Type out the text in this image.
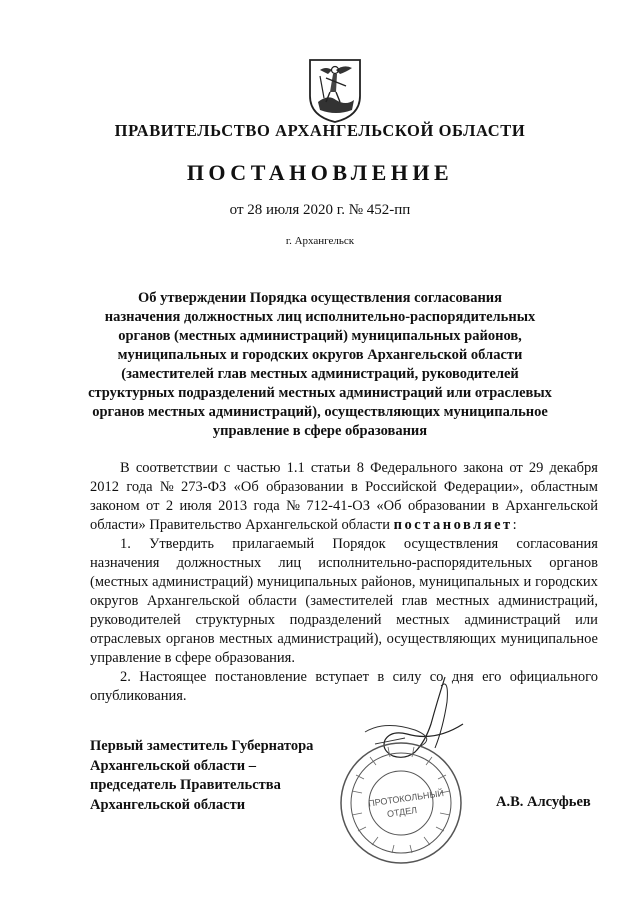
ПРАВИТЕЛЬСТВО АРХАНГЕЛЬСКОЙ ОБЛАСТИ
ПОСТАНОВЛЕНИЕ
от 28 июля 2020 г. № 452-пп
г. Архангельск
Об утверждении Порядка осуществления согласования
назначения должностных лиц исполнительно-распорядительных
органов (местных администраций) муниципальных районов,
муниципальных и городских округов Архангельской области
(заместителей глав местных администраций, руководителей
структурных подразделений местных администраций или отраслевых
органов местных администраций), осуществляющих муниципальное
управление в сфере образования
В соответствии с частью 1.1 статьи 8 Федерального закона от 29 декабря
2012 года № 273-ФЗ «Об образовании в Российской Федерации», областным
законом от 2 июля 2013 года № 712-41-ОЗ «Об образовании в Архангельской
области» Правительство Архангельской области
постановляет :
1. Утвердить прилагаемый Порядок осуществления согласования
назначения должностных лиц исполнительно-распорядительных органов
(местных администраций) муниципальных районов, муниципальных и городских
округов Архангельской области (заместителей глав местных администраций,
руководителей структурных подразделений местных администраций или
отраслевых органов местных администраций), осуществляющих муниципальное
управление в сфере образования.
2. Настоящее постановление вступает в силу со дня его официального
опубликования.
ПРОТОКОЛЬНЫЙ
ОТДЕЛ
Первый заместитель Губернатора
Архангельской области –
председатель Правительства
Архангельской области	А.В. Алсуфьев
